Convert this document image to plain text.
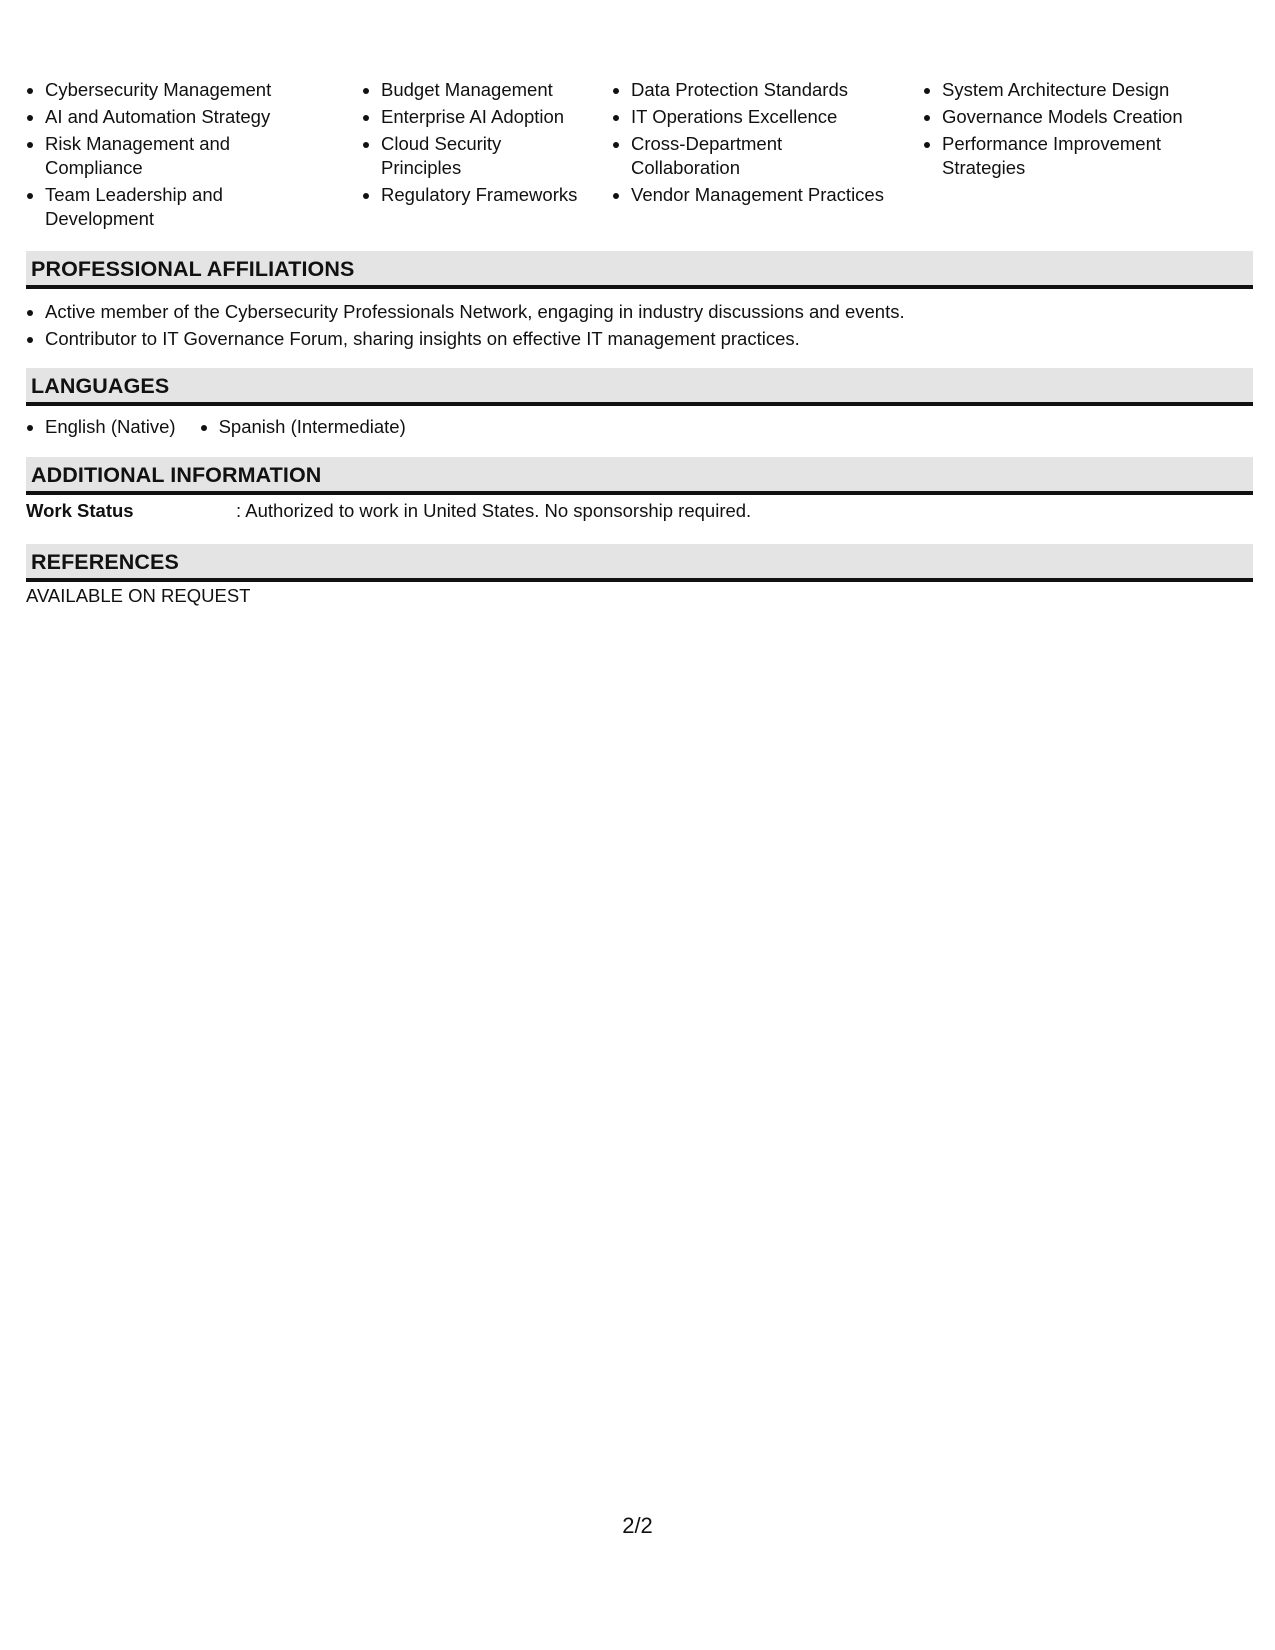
Cybersecurity Management
AI and Automation Strategy
Risk Management and Compliance
Team Leadership and Development
Budget Management
Enterprise AI Adoption
Cloud Security Principles
Regulatory Frameworks
Data Protection Standards
IT Operations Excellence
Cross-Department Collaboration
Vendor Management Practices
System Architecture Design
Governance Models Creation
Performance Improvement Strategies
PROFESSIONAL AFFILIATIONS
Active member of the Cybersecurity Professionals Network, engaging in industry discussions and events.
Contributor to IT Governance Forum, sharing insights on effective IT management practices.
LANGUAGES
English (Native)	Spanish (Intermediate)
ADDITIONAL INFORMATION
Work Status	: Authorized to work in United States. No sponsorship required.
REFERENCES
AVAILABLE ON REQUEST
2/2
